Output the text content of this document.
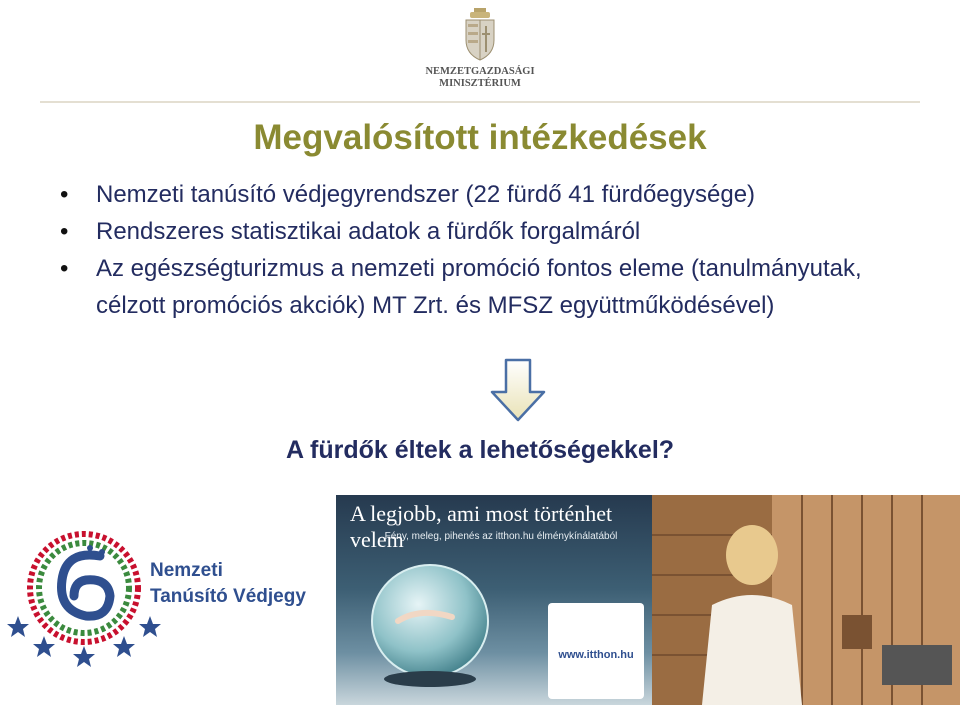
NEMZETGAZDASÁGI
MINISZTÉRIUM
Megvalósított intézkedések
• Nemzeti tanúsító védjegyrendszer (22 fürdő 41 fürdőegysége)
• Rendszeres statisztikai adatok a fürdők forgalmáról
• Az egészségturizmus a nemzeti promóció fontos eleme (tanulmányutak, célzott promóciós akciók) MT Zrt. és MFSZ együttműködésével)
A fürdők éltek a lehetőségekkel?
Nemzeti
Tanúsító Védjegy
A legjobb, ami most történhet velem
Fény, meleg, pihenés az itthon.hu élménykínálatából
www.itthon.hu
